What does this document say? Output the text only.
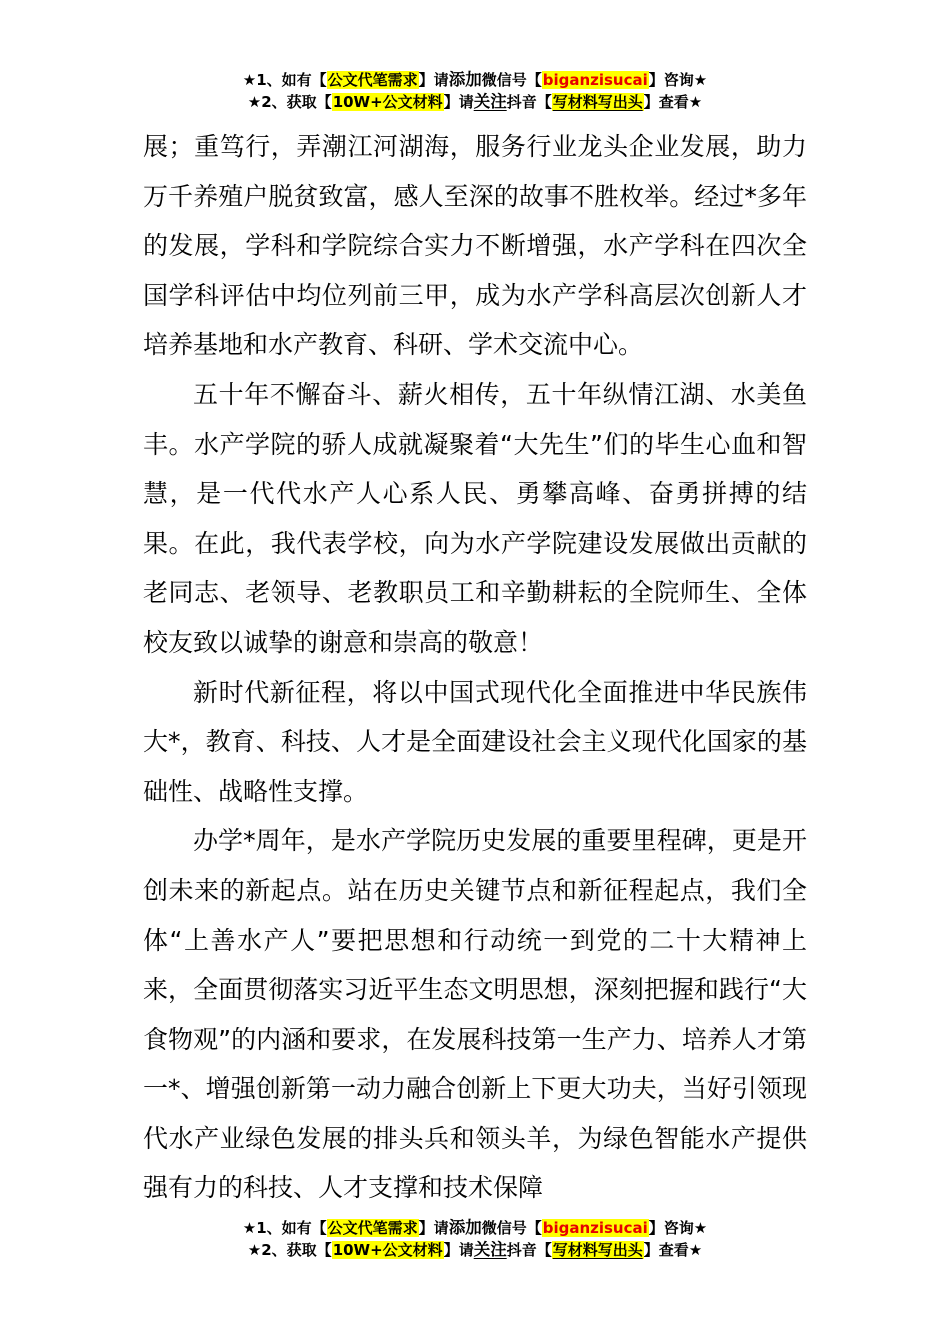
★1、如有【公文代笔需求】请添加微信号【biganzisucai】咨询★
★2、获取【10W+公文材料】请关注抖音【写材料写出头】查看★

展；重笃行，弄潮江河湖海，服务行业龙头企业发展，助力万千养殖户脱贫致富，感人至深的故事不胜枚举。经过*多年的发展，学科和学院综合实力不断增强，水产学科在四次全国学科评估中均位列前三甲，成为水产学科高层次创新人才培养基地和水产教育、科研、学术交流中心。

五十年不懈奋斗、薪火相传，五十年纵情江湖、水美鱼丰。水产学院的骄人成就凝聚着“大先生”们的毕生心血和智慧，是一代代水产人心系人民、勇攀高峰、奋勇拼搏的结果。在此，我代表学校，向为水产学院建设发展做出贡献的老同志、老领导、老教职员工和辛勤耕耘的全院师生、全体校友致以诚挚的谢意和崇高的敬意！

新时代新征程，将以中国式现代化全面推进中华民族伟大*，教育、科技、人才是全面建设社会主义现代化国家的基础性、战略性支撑。

办学*周年，是水产学院历史发展的重要里程碑，更是开创未来的新起点。站在历史关键节点和新征程起点，我们全体“上善水产人”要把思想和行动统一到党的二十大精神上来，全面贯彻落实习近平生态文明思想，深刻把握和践行“大食物观”的内涵和要求，在发展科技第一生产力、培养人才第一*、增强创新第一动力融合创新上下更大功夫，当好引领现代水产业绿色发展的排头兵和领头羊，为绿色智能水产提供强有力的科技、人才支撑和技术保障

★1、如有【公文代笔需求】请添加微信号【biganzisucai】咨询★
★2、获取【10W+公文材料】请关注抖音【写材料写出头】查看★
